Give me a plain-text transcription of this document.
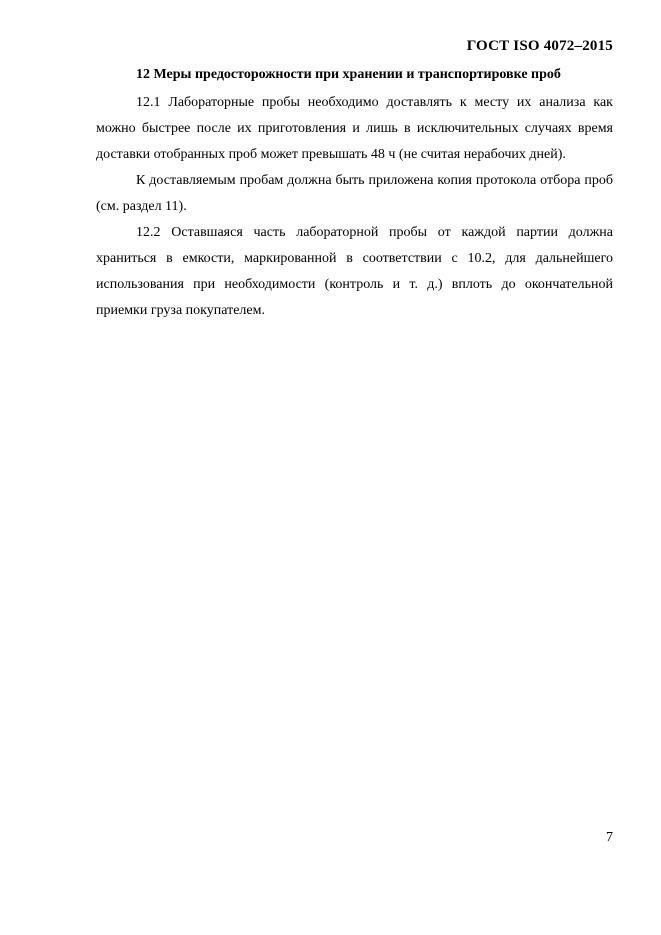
ГОСТ ISO 4072–2015
12 Меры предосторожности при хранении и транспортировке проб

12.1 Лабораторные пробы необходимо доставлять к месту их анализа как можно быстрее после их приготовления и лишь в исключительных случаях время доставки отобранных проб может превышать 48 ч (не считая нерабочих дней).

К доставляемым пробам должна быть приложена копия протокола отбора проб (см. раздел 11).

12.2 Оставшаяся часть лабораторной пробы от каждой партии должна храниться в емкости, маркированной в соответствии с 10.2, для дальнейшего использования при необходимости (контроль и т. д.) вплоть до окончательной приемки груза покупателем.

7
